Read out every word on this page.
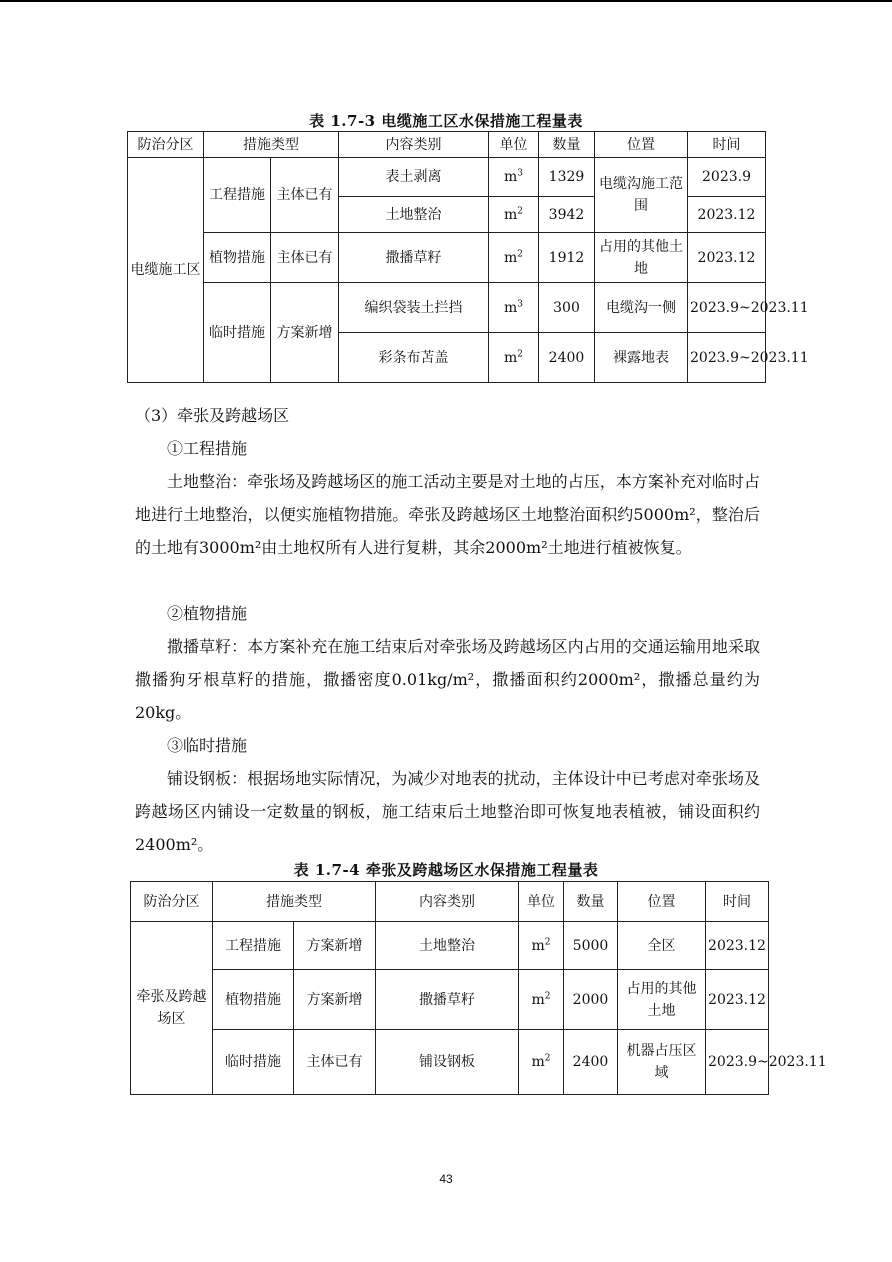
表 1.7-3 电缆施工区水保措施工程量表
防治分区	措施类型		内容类别	单位	数量	位置	时间
电缆施工区	工程措施	主体已有	表土剥离	$m^3$	1329	电缆沟施工范围	2023.9
			土地整治	$m^2$	3942		2023.12
	植物措施	主体已有	撒播草籽	$m^2$	1912	占用的其他土地	2023.12
	临时措施	方案新增	编织袋装土拦挡	$m^3$	300	电缆沟一侧	2023.9~2023.11
			彩条布苫盖	$m^2$	2400	裸露地表	2023.9~2023.11
（3）牵张及跨越场区
①工程措施
土地整治：牵张场及跨越场区的施工活动主要是对土地的占压，本方案补充对临时占地进行土地整治，以便实施植物措施。牵张及跨越场区土地整治面积约5000m²，整治后的土地有3000m²由土地权所有人进行复耕，其余2000m²土地进行植被恢复。
②植物措施
撒播草籽：本方案补充在施工结束后对牵张场及跨越场区内占用的交通运输用地采取撒播狗牙根草籽的措施，撒播密度0.01kg/m²，撒播面积约2000m²，撒播总量约为20kg。
③临时措施
铺设钢板：根据场地实际情况，为减少对地表的扰动，主体设计中已考虑对牵张场及跨越场区内铺设一定数量的钢板，施工结束后土地整治即可恢复地表植被，铺设面积约2400m²。
表 1.7-4 牵张及跨越场区水保措施工程量表
防治分区	措施类型		内容类别	单位	数量	位置	时间
牵张及跨越场区	工程措施	方案新增	土地整治	$m^2$	5000	全区	2023.12
	植物措施	方案新增	撒播草籽	$m^2$	2000	占用的其他土地	2023.12
	临时措施	主体已有	铺设钢板	$m^2$	2400	机器占压区域	2023.9~2023.11
43
